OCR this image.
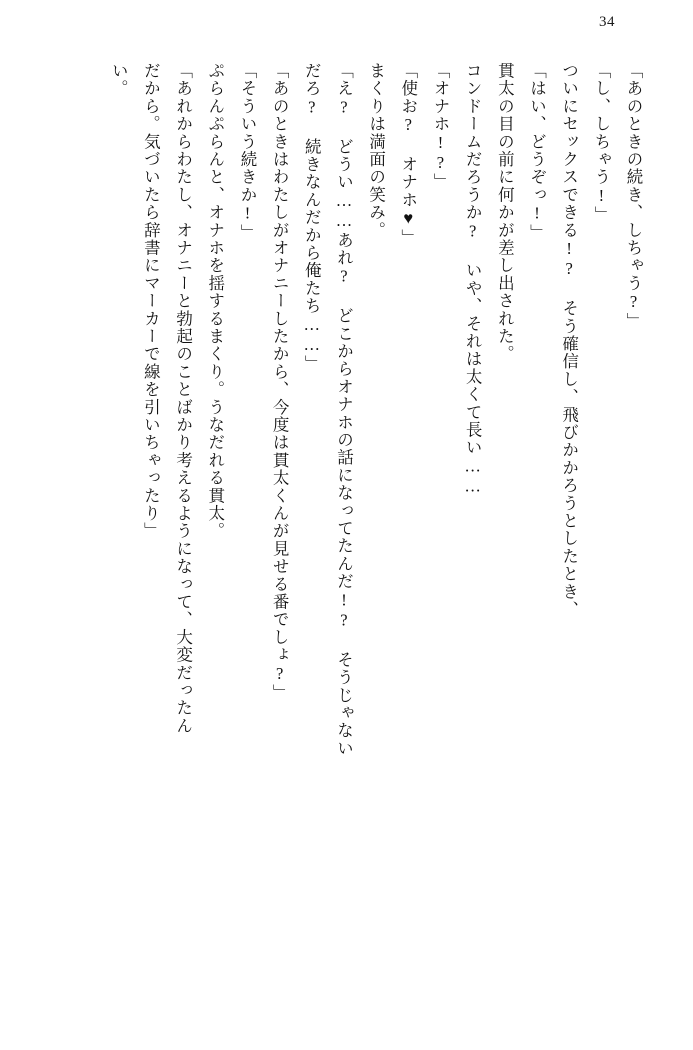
34

「あのときの続き、しちゃう?」

「し、しちゃう!」

ついにセックスできる!? そう確信し、飛びかかろうとしたとき、

「はい、どうぞっ!」

貫太の目の前に何かが差し出された。

コンドームだろうか? いや、それは太くて長い……

「オナホ!?」

「使お? オナホ♥」

まくりは満面の笑み。

「え? どうい……あれ? どこからオナホの話になってたんだ!? そうじゃない

だろ? 続きなんだから俺たち……」

「あのときはわたしがオナニーしたから、今度は貫太くんが見せる番でしょ?」

「そういう続きか!」

ぷらんぷらんと、オナホを揺するまくり。うなだれる貫太。

「あれからわたし、オナニーと勃起のことばかり考えるようになって、大変だったん

だから。気づいたら辞書にマーカーで線を引いちゃったり」

い。
